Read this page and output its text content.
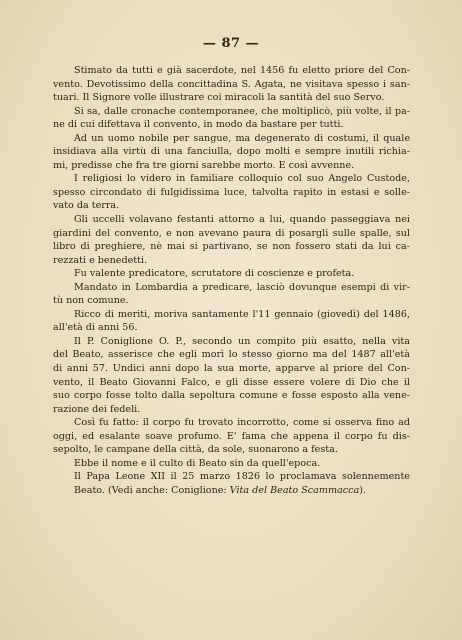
— 87 —
Stimato da tutti e già sacerdote, nel 1456 fu eletto priore del Con-
vento. Devotissimo della concittadina S. Agata, ne visitava spesso i san-
tuari. Il Signore volle illustrare coi miracoli la santità del suo Servo.
Si sa, dalle cronache contemporanee, che moltiplicò, più volte, il pa-
ne di cui difettava il convento, in modo da bastare per tutti.
Ad un uomo nobile per sangue, ma degenerato di costumi, il quale
insidiava alla virtù di una fanciulla, dopo molti e sempre inutili richia-
mi, predisse che fra tre giorni sarebbe morto. E così avvenne.
I religiosi lo videro in familiare colloquio col suo Angelo Custode,
spesso circondato di fulgidissima luce, talvolta rapito in estasi e solle-
vato da terra.
Gli uccelli volavano festanti attorno a lui, quando passeggiava nei
giardini del convento, e non avevano paura di posargli sulle spalle, sul
libro di preghiere, nè mai si partivano, se non fossero stati da lui ca-
rezzati e benedetti.
Fu valente predicatore, scrutatore di coscienze e profeta.
Mandato in Lombardia a predicare, lasciò dovunque esempi di vir-
tù non comune.
Ricco di meriti, moriva santamente l'11 gennaio (giovedì) del 1486,
all'età di anni 56.
Il P. Coniglione O. P., secondo un compito più esatto, nella vita
del Beato, asserisce che egli morì lo stesso giorno ma del 1487 all'età
di anni 57. Undici anni dopo la sua morte, apparve al priore del Con-
vento, il Beato Giovanni Falco, e gli disse essere volere di Dio che il
suo corpo fosse tolto dalla sepoltura comune e fosse esposto alla vene-
razione dei fedeli.
Così fu fatto: il corpo fu trovato incorrotto, come si osserva fino ad
oggi, ed esalante soave profumo. E' fama che appena il corpo fu dis-
sepolto, le campane della città, da sole, suonarono a festa.
Ebbe il nome e il culto di Beato sin da quell'epoca.
Il Papa Leone XII il 25 marzo 1826 lo proclamava solennemente
Beato. (Vedi anche: Coniglione: Vita del Beato Scammacca).
